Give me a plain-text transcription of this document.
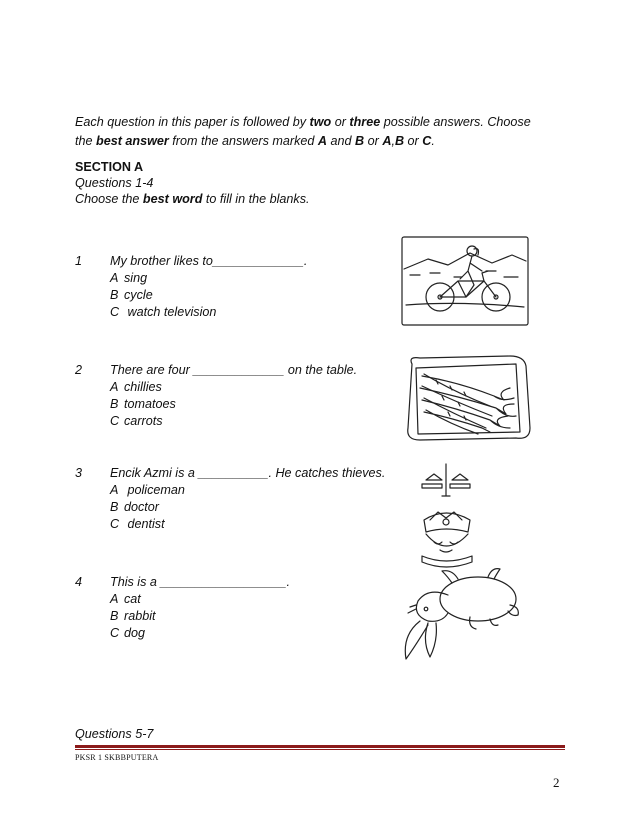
Each question in this paper is followed by two or three possible answers. Choose
the best answer from the answers marked A and B or A,B or C.
SECTION A
Questions 1-4
Choose the best word to fill in the blanks.
1 My brother likes to_____________.
A sing
B cycle
C watch television
2 There are four _____________ on the table.
A chillies
B tomatoes
C carrots
3 Encik Azmi is a __________. He catches thieves.
A policeman
B doctor
C dentist
4 This is a __________________.
A cat
B rabbit
C dog
Questions 5-7
PKSR 1 SKBBPUTERA
2
